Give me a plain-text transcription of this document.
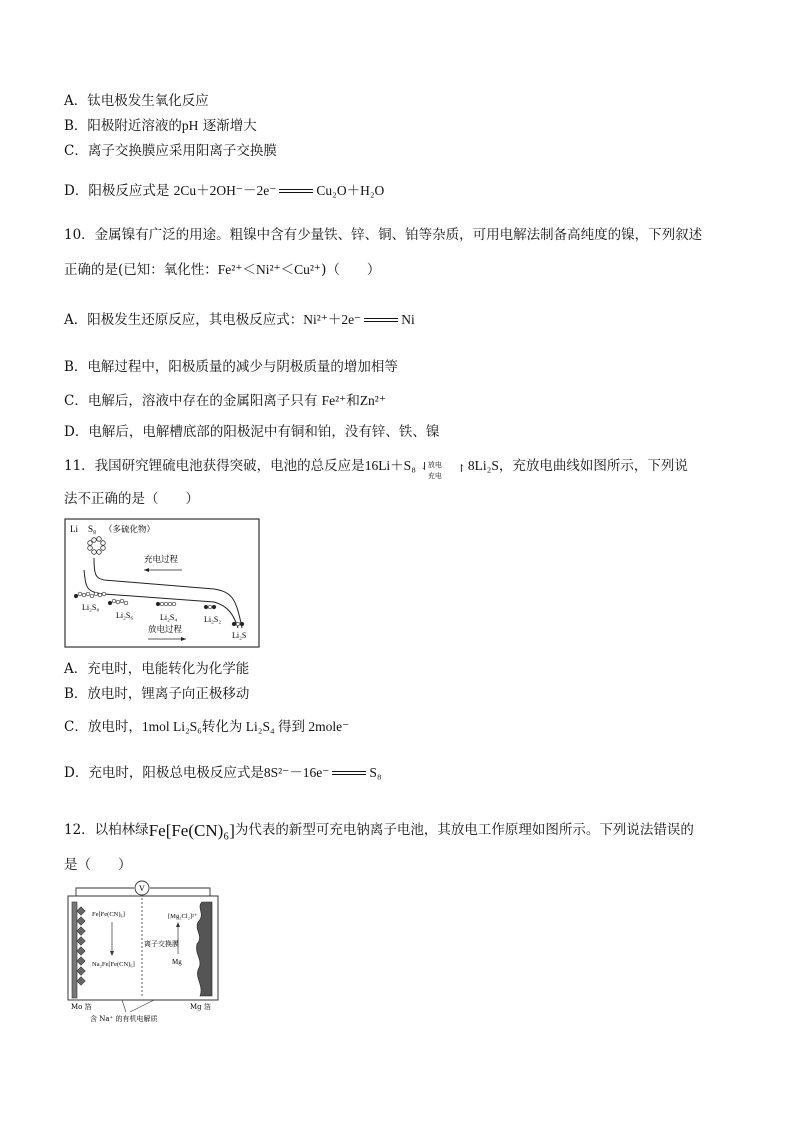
A．钛电极发生氧化反应
B．阳极附近溶液的pH 逐渐增大
C．离子交换膜应采用阳离子交换膜
D．阳极反应式是 2Cu＋2OH⁻－2e⁻	Cu₂O＋H₂O
10．金属镍有广泛的用途。粗镍中含有少量铁、锌、铜、铂等杂质，可用电解法制备高纯度的镍，下列叙述
正确的是(已知：氧化性：Fe²⁺＜Ni²⁺＜Cu²⁺)（　　）
A．阳极发生还原反应，其电极反应式：Ni²⁺＋2e⁻	Ni
B．电解过程中，阳极质量的减少与阴极质量的增加相等
C．电解后，溶液中存在的金属阳离子只有 Fe²⁺和Zn²⁺
D．电解后，电解槽底部的阳极泥中有铜和铂，没有锌、铁、镍
11．我国研究锂硫电池获得突破，电池的总反应是16Li＋S₈ ⇃
放电
充电
↾ 8Li₂S，充放电曲线如图所示，下列说
法不正确的是（　　）
Li S₈ （多硫化物）
充电过程
Li₂S₈
Li₂S₆	Li₂S₄	Li₂S₂
Li₂S
放电过程
A．充电时，电能转化为化学能
B．放电时，锂离子向正极移动
C．放电时，1mol Li₂S₆转化为 Li₂S₄ 得到 2mole⁻
D．充电时，阳极总电极反应式是8S²⁻－16e⁻	S₈
12．以柏林绿Fe[Fe(CN)₆]为代表的新型可充电钠离子电池，其放电工作原理如图所示。下列说法错误的
是（　　）
V
Fe[Fe(CN)₆]
Na₂Fe[Fe(CN)₆]
离子交换膜
[Mg₂Cl₂]²⁺
Mg
Mo 箔	Mg 箔
含 Na⁺ 的有机电解质
